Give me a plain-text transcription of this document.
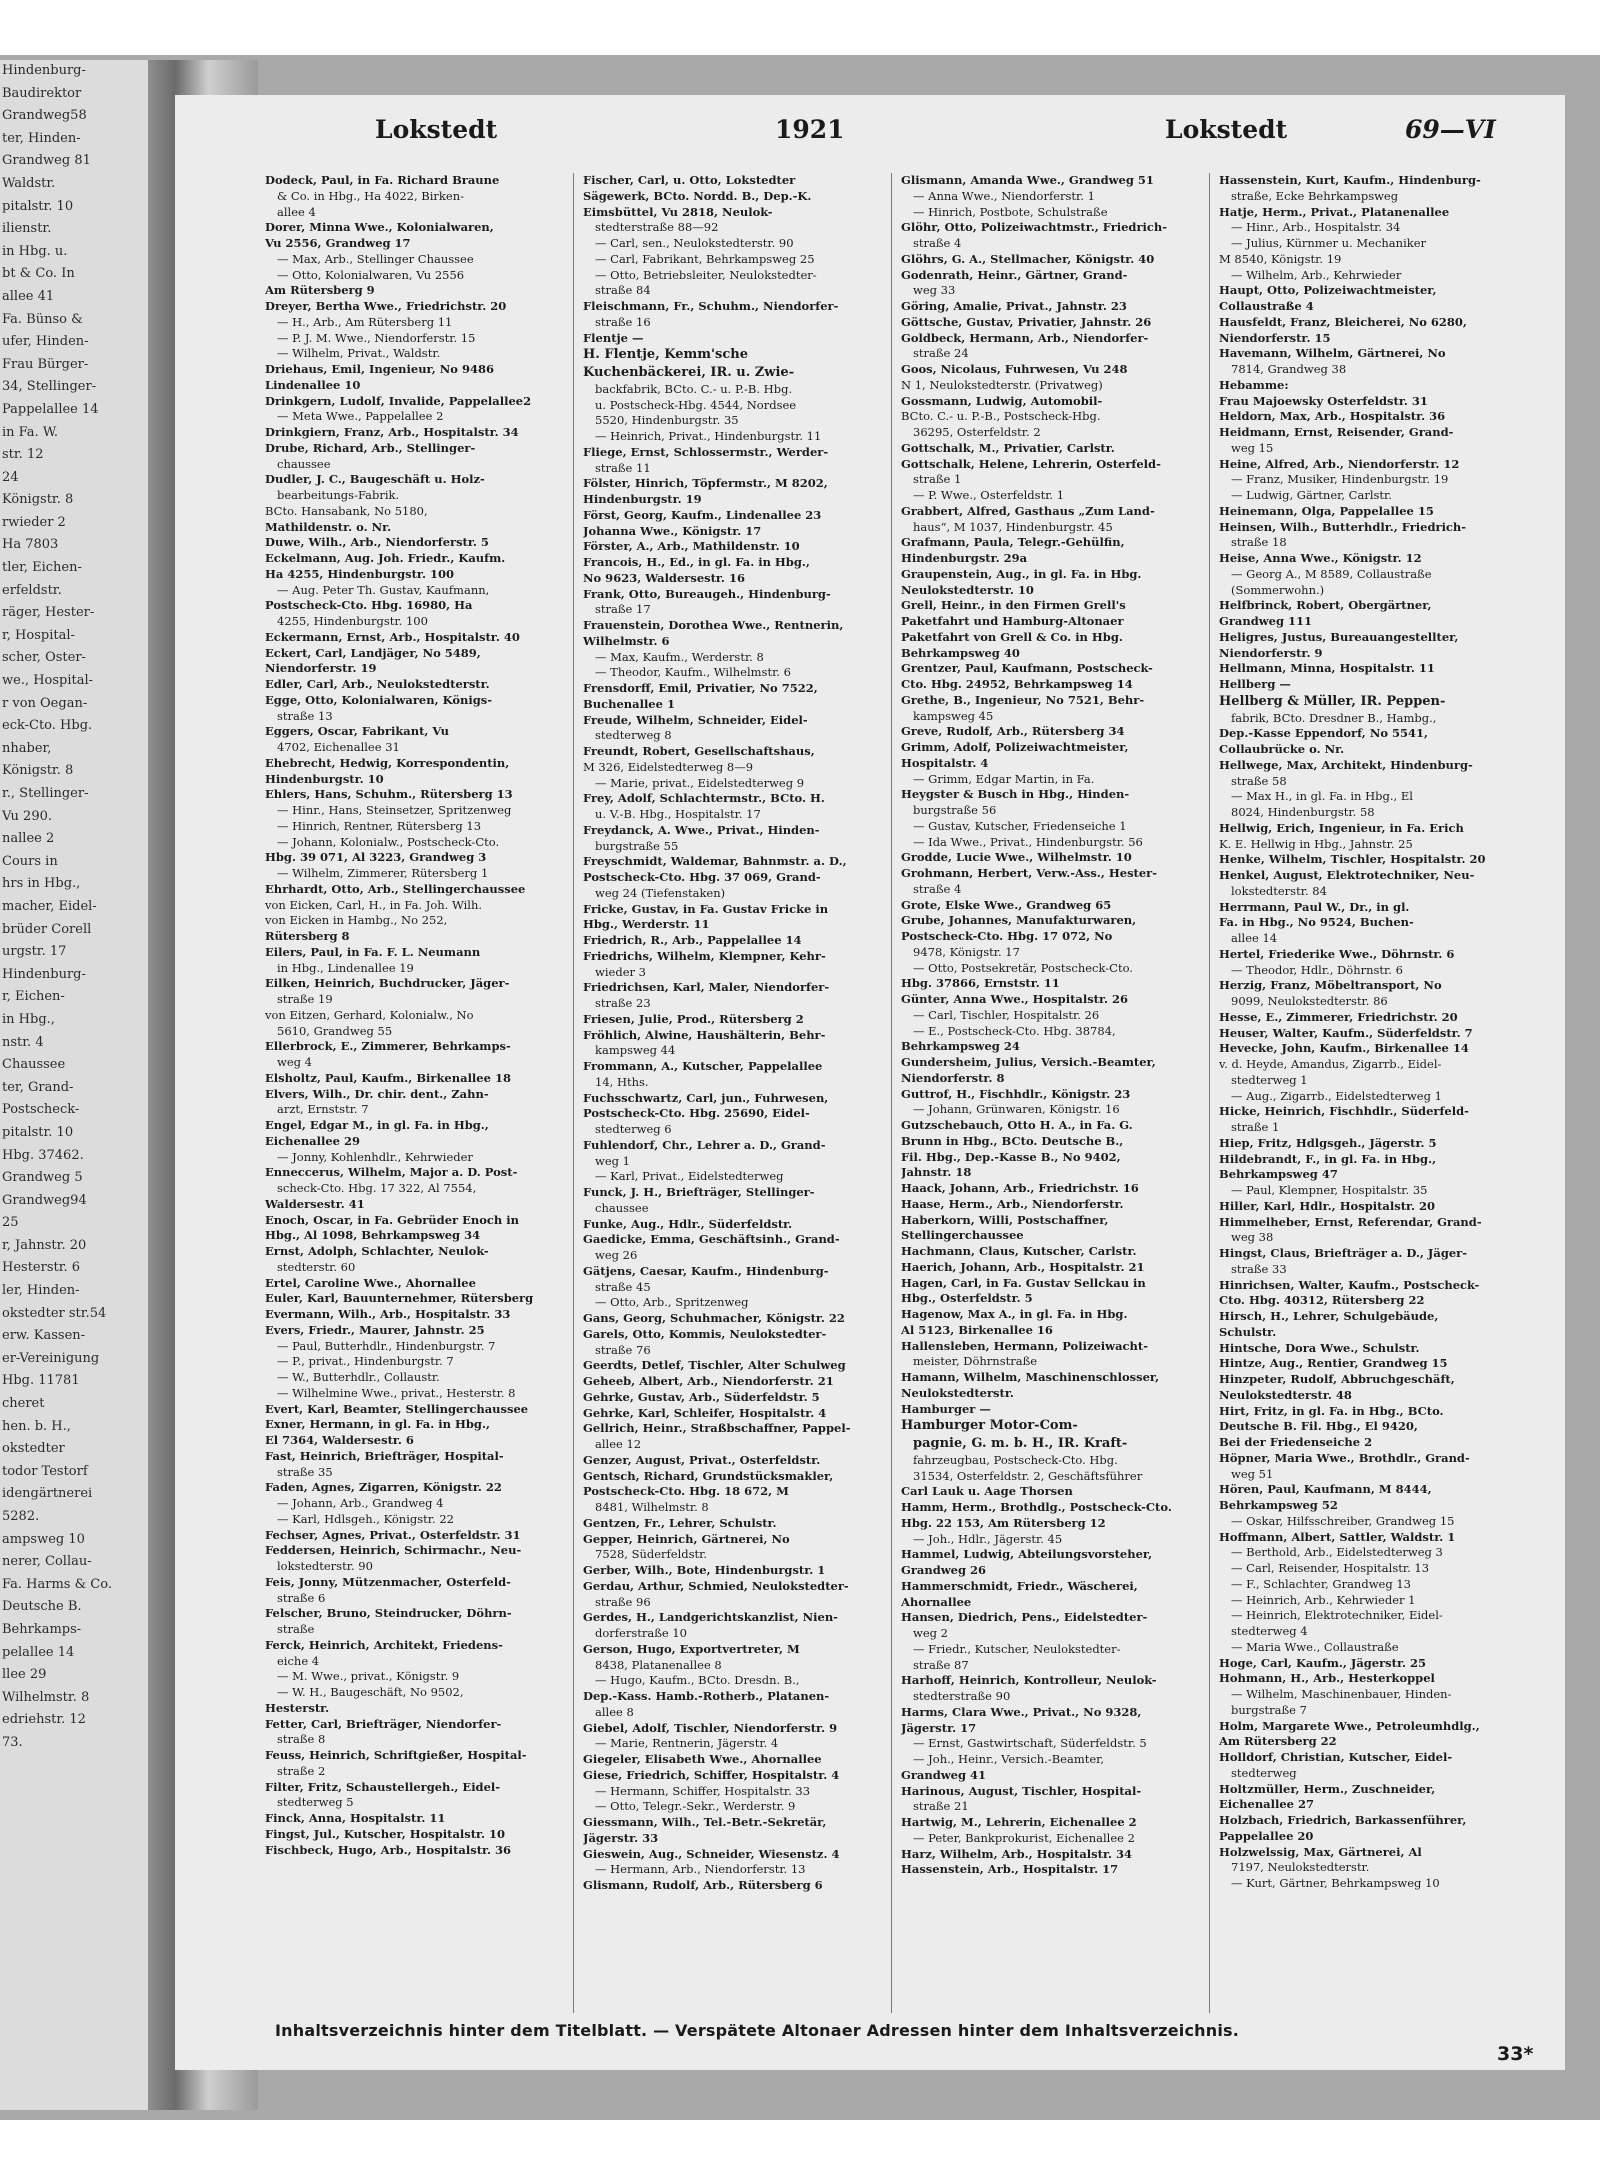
Hindenburg-
Baudirektor
Grandweg58
ter, Hinden-
Grandweg 81
Waldstr.
pitalstr. 10
ilienstr.
in Hbg. u.
bt & Co. In
allee 41
Fa. Bünso &
ufer, Hinden-
Frau Bürger-
34, Stellinger-
Pappelallee 14
in Fa. W.
str. 12
24
Königstr. 8
rwieder 2
Ha 7803
tler, Eichen-
erfeldstr.
räger, Hester-
r, Hospital-
scher, Oster-
we., Hospital-
r von Oegan-
eck-Cto. Hbg.
nhaber,
Königstr. 8
r., Stellinger-
Vu 290.
nallee 2
Cours in
hrs in Hbg.,
macher, Eidel-
brüder Corell
urgstr. 17
Hindenburg-
r, Eichen-
in Hbg.,
nstr. 4
Chaussee
ter, Grand-
Postscheck-
pitalstr. 10
Hbg. 37462.
Grandweg 5
Grandweg94
25
r, Jahnstr. 20
Hesterstr. 6
ler, Hinden-
okstedter str.54
erw. Kassen-
er-Vereinigung
Hbg. 11781
cheret
hen. b. H.,
okstedter
todor Testorf
idengärtnerei
5282.
ampsweg 10
nerer, Collau-
Fa. Harms & Co.
Deutsche B.
Behrkamps-
pelallee 14
llee 29
Wilhelmstr. 8
edriehstr. 12
73.
Lokstedt	1921	Lokstedt	69—VI
Dodeck, Paul, in Fa. Richard Braune
& Co. in Hbg., Ha 4022, Birken-
allee 4
Dorer, Minna Wwe., Kolonialwaren,
Vu 2556, Grandweg 17
— Max, Arb., Stellinger Chaussee
— Otto, Kolonialwaren, Vu 2556
Am Rütersberg 9
Dreyer, Bertha Wwe., Friedrichstr. 20
— H., Arb., Am Rütersberg 11
— P. J. M. Wwe., Niendorferstr. 15
— Wilhelm, Privat., Waldstr.
Driehaus, Emil, Ingenieur, No 9486
Lindenallee 10
Drinkgern, Ludolf, Invalide, Pappelallee2
— Meta Wwe., Pappelallee 2
Drinkgiern, Franz, Arb., Hospitalstr. 34
Drube, Richard, Arb., Stellinger-
chaussee
Dudler, J. C., Baugeschäft u. Holz-
bearbeitungs-Fabrik.
BCto. Hansabank, No 5180,
Mathildenstr. o. Nr.
Duwe, Wilh., Arb., Niendorferstr. 5
Eckelmann, Aug. Joh. Friedr., Kaufm.
Ha 4255, Hindenburgstr. 100
— Aug. Peter Th. Gustav, Kaufmann,
Postscheck-Cto. Hbg. 16980, Ha
4255, Hindenburgstr. 100
Eckermann, Ernst, Arb., Hospitalstr. 40
Eckert, Carl, Landjäger, No 5489,
Niendorferstr. 19
Edler, Carl, Arb., Neulokstedterstr.
Egge, Otto, Kolonialwaren, Königs-
straße 13
Eggers, Oscar, Fabrikant, Vu
4702, Eichenallee 31
Ehebrecht, Hedwig, Korrespondentin,
Hindenburgstr. 10
Ehlers, Hans, Schuhm., Rütersberg 13
— Hinr., Hans, Steinsetzer, Spritzenweg
— Hinrich, Rentner, Rütersberg 13
— Johann, Kolonialw., Postscheck-Cto.
Hbg. 39 071, Al 3223, Grandweg 3
— Wilhelm, Zimmerer, Rütersberg 1
Ehrhardt, Otto, Arb., Stellingerchaussee
von Eicken, Carl, H., in Fa. Joh. Wilh.
von Eicken in Hambg., No 252,
Rütersberg 8
Eilers, Paul, in Fa. F. L. Neumann
in Hbg., Lindenallee 19
Eilken, Heinrich, Buchdrucker, Jäger-
straße 19
von Eitzen, Gerhard, Kolonialw., No
5610, Grandweg 55
Ellerbrock, E., Zimmerer, Behrkamps-
weg 4
Elsholtz, Paul, Kaufm., Birkenallee 18
Elvers, Wilh., Dr. chir. dent., Zahn-
arzt, Ernststr. 7
Engel, Edgar M., in gl. Fa. in Hbg.,
Eichenallee 29
— Jonny, Kohlenhdlr., Kehrwieder
Enneccerus, Wilhelm, Major a. D. Post-
scheck-Cto. Hbg. 17 322, Al 7554,
Waldersestr. 41
Enoch, Oscar, in Fa. Gebrüder Enoch in
Hbg., Al 1098, Behrkampsweg 34
Ernst, Adolph, Schlachter, Neulok-
stedterstr. 60
Ertel, Caroline Wwe., Ahornallee
Euler, Karl, Bauunternehmer, Rütersberg
Evermann, Wilh., Arb., Hospitalstr. 33
Evers, Friedr., Maurer, Jahnstr. 25
— Paul, Butterhdlr., Hindenburgstr. 7
— P., privat., Hindenburgstr. 7
— W., Butterhdlr., Collaustr.
— Wilhelmine Wwe., privat., Hesterstr. 8
Evert, Karl, Beamter, Stellingerchaussee
Exner, Hermann, in gl. Fa. in Hbg.,
El 7364, Waldersestr. 6
Fast, Heinrich, Briefträger, Hospital-
straße 35
Faden, Agnes, Zigarren, Königstr. 22
— Johann, Arb., Grandweg 4
— Karl, Hdlsgeh., Königstr. 22
Fechser, Agnes, Privat., Osterfeldstr. 31
Feddersen, Heinrich, Schirmachr., Neu-
lokstedterstr. 90
Feis, Jonny, Mützenmacher, Osterfeld-
straße 6
Felscher, Bruno, Steindrucker, Döhrn-
straße
Ferck, Heinrich, Architekt, Friedens-
eiche 4
— M. Wwe., privat., Königstr. 9
— W. H., Baugeschäft, No 9502,
Hesterstr.
Fetter, Carl, Briefträger, Niendorfer-
straße 8
Feuss, Heinrich, Schriftgießer, Hospital-
straße 2
Filter, Fritz, Schaustellergeh., Eidel-
stedterweg 5
Finck, Anna, Hospitalstr. 11
Fingst, Jul., Kutscher, Hospitalstr. 10
Fischbeck, Hugo, Arb., Hospitalstr. 36
Fischer, Carl, u. Otto, Lokstedter
Sägewerk, BCto. Nordd. B., Dep.-K.
Eimsbüttel, Vu 2818, Neulok-
stedterstraße 88—92
— Carl, sen., Neulokstedterstr. 90
— Carl, Fabrikant, Behrkampsweg 25
— Otto, Betriebsleiter, Neulokstedter-
straße 84
Fleischmann, Fr., Schuhm., Niendorfer-
straße 16
Flentje —
H. Flentje, Kemm'sche
Kuchenbäckerei, IR. u. Zwie-
backfabrik, BCto. C.- u. P.-B. Hbg.
u. Postscheck-Hbg. 4544, Nordsee
5520, Hindenburgstr. 35
— Heinrich, Privat., Hindenburgstr. 11
Fliege, Ernst, Schlossermstr., Werder-
straße 11
Fölster, Hinrich, Töpfermstr., M 8202,
Hindenburgstr. 19
Först, Georg, Kaufm., Lindenallee 23
Johanna Wwe., Königstr. 17
Förster, A., Arb., Mathildenstr. 10
Francois, H., Ed., in gl. Fa. in Hbg.,
No 9623, Waldersestr. 16
Frank, Otto, Bureaugeh., Hindenburg-
straße 17
Frauenstein, Dorothea Wwe., Rentnerin,
Wilhelmstr. 6
— Max, Kaufm., Werderstr. 8
— Theodor, Kaufm., Wilhelmstr. 6
Frensdorff, Emil, Privatier, No 7522,
Buchenallee 1
Freude, Wilhelm, Schneider, Eidel-
stedterweg 8
Freundt, Robert, Gesellschaftshaus,
M 326, Eidelstedterweg 8—9
— Marie, privat., Eidelstedterweg 9
Frey, Adolf, Schlachtermstr., BCto. H.
u. V.-B. Hbg., Hospitalstr. 17
Freydanck, A. Wwe., Privat., Hinden-
burgstraße 55
Freyschmidt, Waldemar, Bahnmstr. a. D.,
Postscheck-Cto. Hbg. 37 069, Grand-
weg 24 (Tiefenstaken)
Fricke, Gustav, in Fa. Gustav Fricke in
Hbg., Werderstr. 11
Friedrich, R., Arb., Pappelallee 14
Friedrichs, Wilhelm, Klempner, Kehr-
wieder 3
Friedrichsen, Karl, Maler, Niendorfer-
straße 23
Friesen, Julie, Prod., Rütersberg 2
Fröhlich, Alwine, Haushälterin, Behr-
kampsweg 44
Frommann, A., Kutscher, Pappelallee
14, Hths.
Fuchsschwartz, Carl, jun., Fuhrwesen,
Postscheck-Cto. Hbg. 25690, Eidel-
stedterweg 6
Fuhlendorf, Chr., Lehrer a. D., Grand-
weg 1
— Karl, Privat., Eidelstedterweg
Funck, J. H., Briefträger, Stellinger-
chaussee
Funke, Aug., Hdlr., Süderfeldstr.
Gaedicke, Emma, Geschäftsinh., Grand-
weg 26
Gätjens, Caesar, Kaufm., Hindenburg-
straße 45
— Otto, Arb., Spritzenweg
Gans, Georg, Schuhmacher, Königstr. 22
Garels, Otto, Kommis, Neulokstedter-
straße 76
Geerdts, Detlef, Tischler, Alter Schulweg
Geheeb, Albert, Arb., Niendorferstr. 21
Gehrke, Gustav, Arb., Süderfeldstr. 5
Gehrke, Karl, Schleifer, Hospitalstr. 4
Gellrich, Heinr., Straßbschaffner, Pappel-
allee 12
Genzer, August, Privat., Osterfeldstr.
Gentsch, Richard, Grundstücksmakler,
Postscheck-Cto. Hbg. 18 672, M
8481, Wilhelmstr. 8
Gentzen, Fr., Lehrer, Schulstr.
Gepper, Heinrich, Gärtnerei, No
7528, Süderfeldstr.
Gerber, Wilh., Bote, Hindenburgstr. 1
Gerdau, Arthur, Schmied, Neulokstedter-
straße 96
Gerdes, H., Landgerichtskanzlist, Nien-
dorferstraße 10
Gerson, Hugo, Exportvertreter, M
8438, Platanenallee 8
— Hugo, Kaufm., BCto. Dresdn. B.,
Dep.-Kass. Hamb.-Rotherb., Platanen-
allee 8
Giebel, Adolf, Tischler, Niendorferstr. 9
— Marie, Rentnerin, Jägerstr. 4
Giegeler, Elisabeth Wwe., Ahornallee
Giese, Friedrich, Schiffer, Hospitalstr. 4
— Hermann, Schiffer, Hospitalstr. 33
— Otto, Telegr.-Sekr., Werderstr. 9
Giessmann, Wilh., Tel.-Betr.-Sekretär,
Jägerstr. 33
Gieswein, Aug., Schneider, Wiesenstz. 4
— Hermann, Arb., Niendorferstr. 13
Glismann, Rudolf, Arb., Rütersberg 6
Glismann, Amanda Wwe., Grandweg 51
— Anna Wwe., Niendorferstr. 1
— Hinrich, Postbote, Schulstraße
Glöhr, Otto, Polizeiwachtmstr., Friedrich-
straße 4
Glöhrs, G. A., Stellmacher, Königstr. 40
Godenrath, Heinr., Gärtner, Grand-
weg 33
Göring, Amalie, Privat., Jahnstr. 23
Göttsche, Gustav, Privatier, Jahnstr. 26
Goldbeck, Hermann, Arb., Niendorfer-
straße 24
Goos, Nicolaus, Fuhrwesen, Vu 248
N 1, Neulokstedterstr. (Privatweg)
Gossmann, Ludwig, Automobil-
BCto. C.- u. P.-B., Postscheck-Hbg.
36295, Osterfeldstr. 2
Gottschalk, M., Privatier, Carlstr.
Gottschalk, Helene, Lehrerin, Osterfeld-
straße 1
— P. Wwe., Osterfeldstr. 1
Grabbert, Alfred, Gasthaus „Zum Land-
haus“, M 1037, Hindenburgstr. 45
Grafmann, Paula, Telegr.-Gehülfin,
Hindenburgstr. 29a
Graupenstein, Aug., in gl. Fa. in Hbg.
Neulokstedterstr. 10
Grell, Heinr., in den Firmen Grell's
Paketfahrt und Hamburg-Altonaer
Paketfahrt von Grell & Co. in Hbg.
Behrkampsweg 40
Grentzer, Paul, Kaufmann, Postscheck-
Cto. Hbg. 24952, Behrkampsweg 14
Grethe, B., Ingenieur, No 7521, Behr-
kampsweg 45
Greve, Rudolf, Arb., Rütersberg 34
Grimm, Adolf, Polizeiwachtmeister,
Hospitalstr. 4
— Grimm, Edgar Martin, in Fa.
Heygster & Busch in Hbg., Hinden-
burgstraße 56
— Gustav, Kutscher, Friedenseiche 1
— Ida Wwe., Privat., Hindenburgstr. 56
Grodde, Lucie Wwe., Wilhelmstr. 10
Grohmann, Herbert, Verw.-Ass., Hester-
straße 4
Grote, Elske Wwe., Grandweg 65
Grube, Johannes, Manufakturwaren,
Postscheck-Cto. Hbg. 17 072, No
9478, Königstr. 17
— Otto, Postsekretär, Postscheck-Cto.
Hbg. 37866, Ernststr. 11
Günter, Anna Wwe., Hospitalstr. 26
— Carl, Tischler, Hospitalstr. 26
— E., Postscheck-Cto. Hbg. 38784,
Behrkampsweg 24
Gundersheim, Julius, Versich.-Beamter,
Niendorferstr. 8
Guttrof, H., Fischhdlr., Königstr. 23
— Johann, Grünwaren, Königstr. 16
Gutzschebauch, Otto H. A., in Fa. G.
Brunn in Hbg., BCto. Deutsche B.,
Fil. Hbg., Dep.-Kasse B., No 9402,
Jahnstr. 18
Haack, Johann, Arb., Friedrichstr. 16
Haase, Herm., Arb., Niendorferstr.
Haberkorn, Willi, Postschaffner,
Stellingerchaussee
Hachmann, Claus, Kutscher, Carlstr.
Haerich, Johann, Arb., Hospitalstr. 21
Hagen, Carl, in Fa. Gustav Sellckau in
Hbg., Osterfeldstr. 5
Hagenow, Max A., in gl. Fa. in Hbg.
Al 5123, Birkenallee 16
Hallensleben, Hermann, Polizeiwacht-
meister, Döhrnstraße
Hamann, Wilhelm, Maschinenschlosser,
Neulokstedterstr.
Hamburger —
Hamburger Motor-Com-
pagnie, G. m. b. H., IR. Kraft-
fahrzeugbau, Postscheck-Cto. Hbg.
31534, Osterfeldstr. 2, Geschäftsführer
Carl Lauk u. Aage Thorsen
Hamm, Herm., Brothdlg., Postscheck-Cto.
Hbg. 22 153, Am Rütersberg 12
— Joh., Hdlr., Jägerstr. 45
Hammel, Ludwig, Abteilungsvorsteher,
Grandweg 26
Hammerschmidt, Friedr., Wäscherei,
Ahornallee
Hansen, Diedrich, Pens., Eidelstedter-
weg 2
— Friedr., Kutscher, Neulokstedter-
straße 87
Harhoff, Heinrich, Kontrolleur, Neulok-
stedterstraße 90
Harms, Clara Wwe., Privat., No 9328,
Jägerstr. 17
— Ernst, Gastwirtschaft, Süderfeldstr. 5
— Joh., Heinr., Versich.-Beamter,
Grandweg 41
Harinous, August, Tischler, Hospital-
straße 21
Hartwig, M., Lehrerin, Eichenallee 2
— Peter, Bankprokurist, Eichenallee 2
Harz, Wilhelm, Arb., Hospitalstr. 34
Hassenstein, Arb., Hospitalstr. 17
Hassenstein, Kurt, Kaufm., Hindenburg-
straße, Ecke Behrkampsweg
Hatje, Herm., Privat., Platanenallee
— Hinr., Arb., Hospitalstr. 34
— Julius, Kürnmer u. Mechaniker
M 8540, Königstr. 19
— Wilhelm, Arb., Kehrwieder
Haupt, Otto, Polizeiwachtmeister,
Collaustraße 4
Hausfeldt, Franz, Bleicherei, No 6280,
Niendorferstr. 15
Havemann, Wilhelm, Gärtnerei, No
7814, Grandweg 38
Hebamme:
Frau Majoewsky Osterfeldstr. 31
Heldorn, Max, Arb., Hospitalstr. 36
Heidmann, Ernst, Reisender, Grand-
weg 15
Heine, Alfred, Arb., Niendorferstr. 12
— Franz, Musiker, Hindenburgstr. 19
— Ludwig, Gärtner, Carlstr.
Heinemann, Olga, Pappelallee 15
Heinsen, Wilh., Butterhdlr., Friedrich-
straße 18
Heise, Anna Wwe., Königstr. 12
— Georg A., M 8589, Collaustraße
(Sommerwohn.)
Helfbrinck, Robert, Obergärtner,
Grandweg 111
Heligres, Justus, Bureauangestellter,
Niendorferstr. 9
Hellmann, Minna, Hospitalstr. 11
Hellberg —
Hellberg & Müller, IR. Peppen-
fabrik, BCto. Dresdner B., Hambg.,
Dep.-Kasse Eppendorf, No 5541,
Collaubrücke o. Nr.
Hellwege, Max, Architekt, Hindenburg-
straße 58
— Max H., in gl. Fa. in Hbg., El
8024, Hindenburgstr. 58
Hellwig, Erich, Ingenieur, in Fa. Erich
K. E. Hellwig in Hbg., Jahnstr. 25
Henke, Wilhelm, Tischler, Hospitalstr. 20
Henkel, August, Elektrotechniker, Neu-
lokstedterstr. 84
Herrmann, Paul W., Dr., in gl.
Fa. in Hbg., No 9524, Buchen-
allee 14
Hertel, Friederike Wwe., Döhrnstr. 6
— Theodor, Hdlr., Döhrnstr. 6
Herzig, Franz, Möbeltransport, No
9099, Neulokstedterstr. 86
Hesse, E., Zimmerer, Friedrichstr. 20
Heuser, Walter, Kaufm., Süderfeldstr. 7
Hevecke, John, Kaufm., Birkenallee 14
v. d. Heyde, Amandus, Zigarrb., Eidel-
stedterweg 1
— Aug., Zigarrb., Eidelstedterweg 1
Hicke, Heinrich, Fischhdlr., Süderfeld-
straße 1
Hiep, Fritz, Hdlgsgeh., Jägerstr. 5
Hildebrandt, F., in gl. Fa. in Hbg.,
Behrkampsweg 47
— Paul, Klempner, Hospitalstr. 35
Hiller, Karl, Hdlr., Hospitalstr. 20
Himmelheber, Ernst, Referendar, Grand-
weg 38
Hingst, Claus, Briefträger a. D., Jäger-
straße 33
Hinrichsen, Walter, Kaufm., Postscheck-
Cto. Hbg. 40312, Rütersberg 22
Hirsch, H., Lehrer, Schulgebäude,
Schulstr.
Hintsche, Dora Wwe., Schulstr.
Hintze, Aug., Rentier, Grandweg 15
Hinzpeter, Rudolf, Abbruchgeschäft,
Neulokstedterstr. 48
Hirt, Fritz, in gl. Fa. in Hbg., BCto.
Deutsche B. Fil. Hbg., El 9420,
Bei der Friedenseiche 2
Höpner, Maria Wwe., Brothdlr., Grand-
weg 51
Hören, Paul, Kaufmann, M 8444,
Behrkampsweg 52
— Oskar, Hilfsschreiber, Grandweg 15
Hoffmann, Albert, Sattler, Waldstr. 1
— Berthold, Arb., Eidelstedterweg 3
— Carl, Reisender, Hospitalstr. 13
— F., Schlachter, Grandweg 13
— Heinrich, Arb., Kehrwieder 1
— Heinrich, Elektrotechniker, Eidel-
stedterweg 4
— Maria Wwe., Collaustraße
Hoge, Carl, Kaufm., Jägerstr. 25
Hohmann, H., Arb., Hesterkoppel
— Wilhelm, Maschinenbauer, Hinden-
burgstraße 7
Holm, Margarete Wwe., Petroleumhdlg.,
Am Rütersberg 22
Holldorf, Christian, Kutscher, Eidel-
stedterweg
Holtzmüller, Herm., Zuschneider,
Eichenallee 27
Holzbach, Friedrich, Barkassenführer,
Pappelallee 20
Holzwelssig, Max, Gärtnerei, Al
7197, Neulokstedterstr.
— Kurt, Gärtner, Behrkampsweg 10
Inhaltsverzeichnis hinter dem Titelblatt. — Verspätete Altonaer Adressen hinter dem Inhaltsverzeichnis.
33*
